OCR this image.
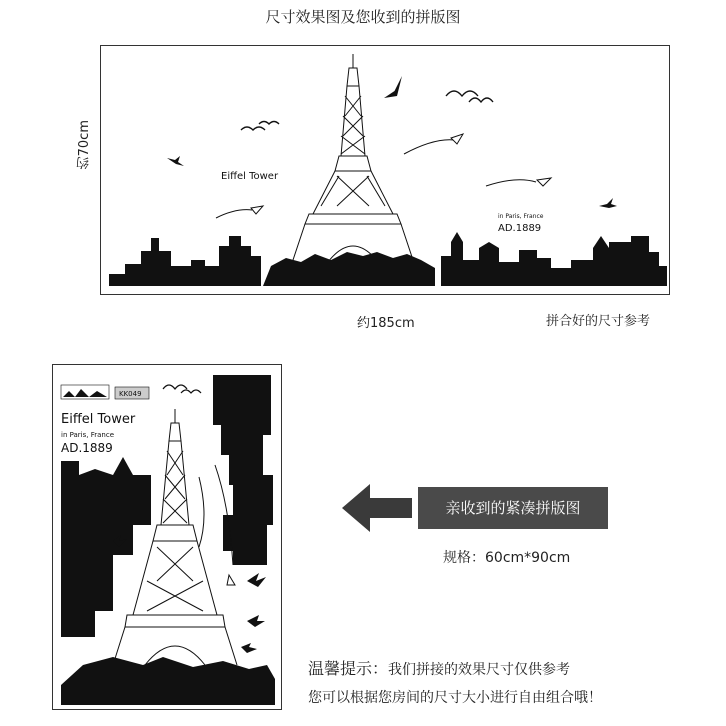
尺寸效果图及您收到的拼版图
Eiffel Tower
in Paris, France
AD.1889
约70cm
约185cm	拼合好的尺寸参考
KK049
Eiffel Tower
in Paris, France
AD.1889
亲收到的紧凑拼版图
规格：60cm*90cm
温馨提示：我们拼接的效果尺寸仅供参考
您可以根据您房间的尺寸大小进行自由组合哦！
